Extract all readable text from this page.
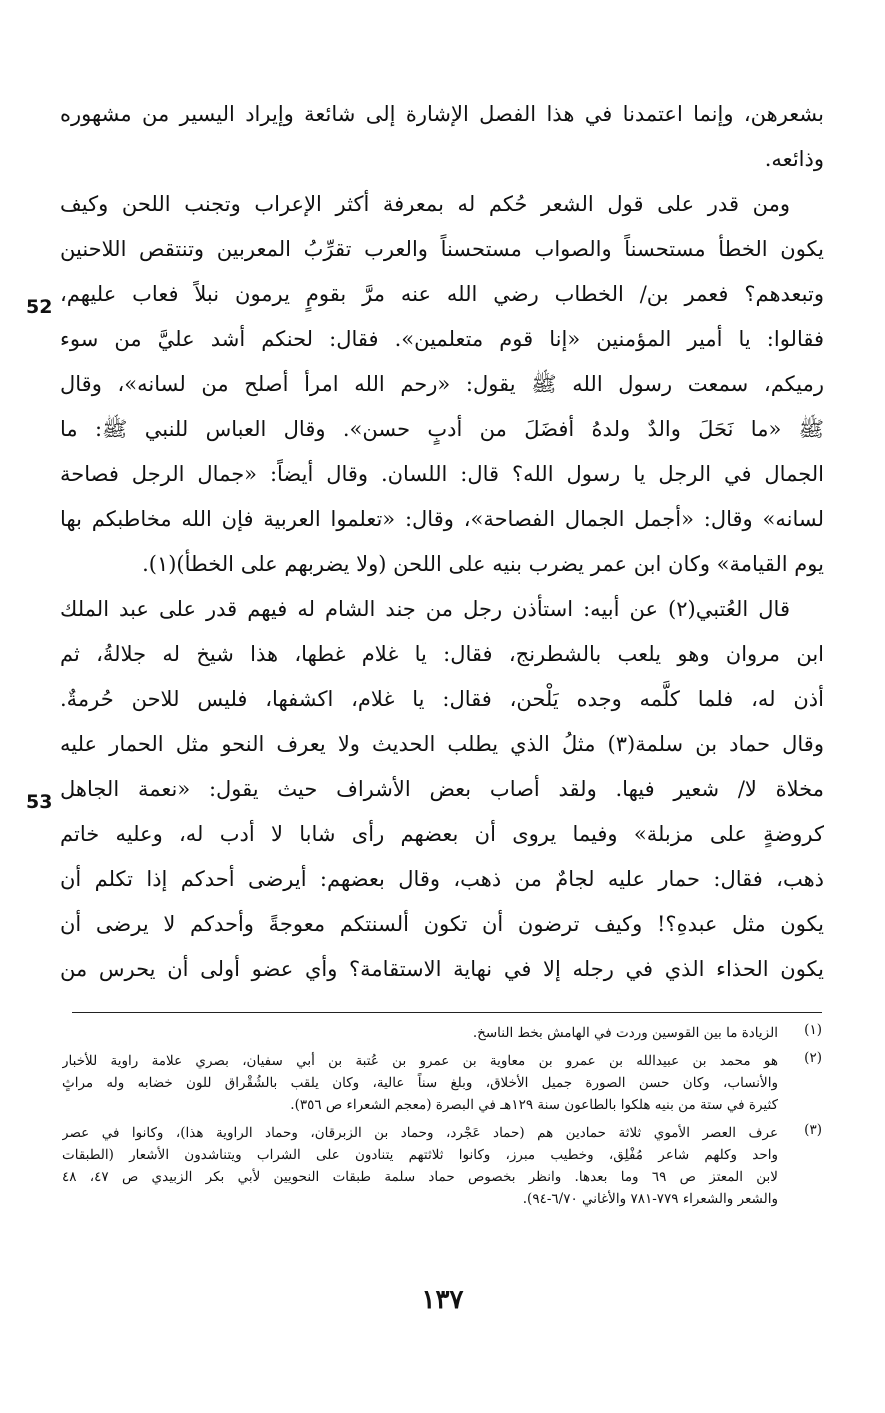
بشعرهن، وإنما اعتمدنا في هذا الفصل الإشارة إلى شائعة وإيراد اليسير من مشهوره
وذائعه.
ومن قدر على قول الشعر حُكم له بمعرفة أكثر الإعراب وتجنب اللحن وكيف
يكون الخطأ مستحسناً والصواب مستحسناً والعرب تقرِّبُ المعربين وتنتقص اللاحنين
وتبعدهم؟ فعمر بن/ الخطاب رضي الله عنه مرَّ بقومٍ يرمون نبلاً فعاب عليهم،
فقالوا: يا أمير المؤمنين «إنا قوم متعلمين». فقال: لحنكم أشد عليَّ من سوء
رميكم، سمعت رسول الله ﷺ يقول: «رحم الله امرأ أصلح من لسانه»، وقال
ﷺ «ما نَحَلَ والدٌ ولدهُ أفضَلَ من أدبٍ حسن». وقال العباس للنبي ﷺ: ما
الجمال في الرجل يا رسول الله؟ قال: اللسان. وقال أيضاً: «جمال الرجل فصاحة
لسانه» وقال: «أجمل الجمال الفصاحة»، وقال: «تعلموا العربية فإن الله مخاطبكم بها
يوم القيامة» وكان ابن عمر يضرب بنيه على اللحن (ولا يضربهم على الخطأ)(١).
قال العُتبي(٢) عن أبيه: استأذن رجل من جند الشام له فيهم قدر على عبد الملك
ابن مروان وهو يلعب بالشطرنج، فقال: يا غلام غطها، هذا شيخ له جلالةُ، ثم
أذن له، فلما كلَّمه وجده يَلْحن، فقال: يا غلام، اكشفها، فليس للاحن حُرمةٌ.
وقال حماد بن سلمة(٣) مثلُ الذي يطلب الحديث ولا يعرف النحو مثل الحمار عليه
مخلاة لا/ شعير فيها. ولقد أصاب بعض الأشراف حيث يقول: «نعمة الجاهل
كروضةٍ على مزبلة» وفيما يروى أن بعضهم رأى شابا لا أدب له، وعليه خاتم
ذهب، فقال: حمار عليه لجامٌ من ذهب، وقال بعضهم: أيرضى أحدكم إذا تكلم أن
يكون مثل عبدهِ؟! وكيف ترضون أن تكون ألسنتكم معوجةً وأحدكم لا يرضى أن
يكون الحذاء الذي في رجله إلا في نهاية الاستقامة؟ وأي عضو أولى أن يحرس من
52
53
(١)
الزيادة ما بين القوسين وردت في الهامش بخط الناسخ.
(٢)
هو محمد بن عبيدالله بن عمرو بن معاوية بن عمرو بن عُتبة بن أبي سفيان، بصري علامة راوية للأخبار
والأنساب، وكان حسن الصورة جميل الأخلاق، وبلغ سناً عالية، وكان يلقب بالشُقْراق للون خضابه وله مراثٍ
كثيرة في ستة من بنيه هلكوا بالطاعون سنة ١٢٩هـ في البصرة (معجم الشعراء ص ٣٥٦).
(٣)
عرف العصر الأموي ثلاثة حمادين هم (حماد عَجْرد، وحماد بن الزبرقان، وحماد الراوية هذا)، وكانوا في عصر
واحد وكلهم شاعر مُفْلِق، وخطيب مبرز، وكانوا ثلاثتهم يتنادون على الشراب ويتناشدون الأشعار (الطبقات
لابن المعتز ص ٦٩ وما بعدها. وانظر بخصوص حماد سلمة طبقات النحويين لأبي بكر الزبيدي ص ٤٧، ٤٨
والشعر والشعراء ٧٧٩-٧٨١ والأغاني ٦/٧٠-٩٤).
١٣٧
